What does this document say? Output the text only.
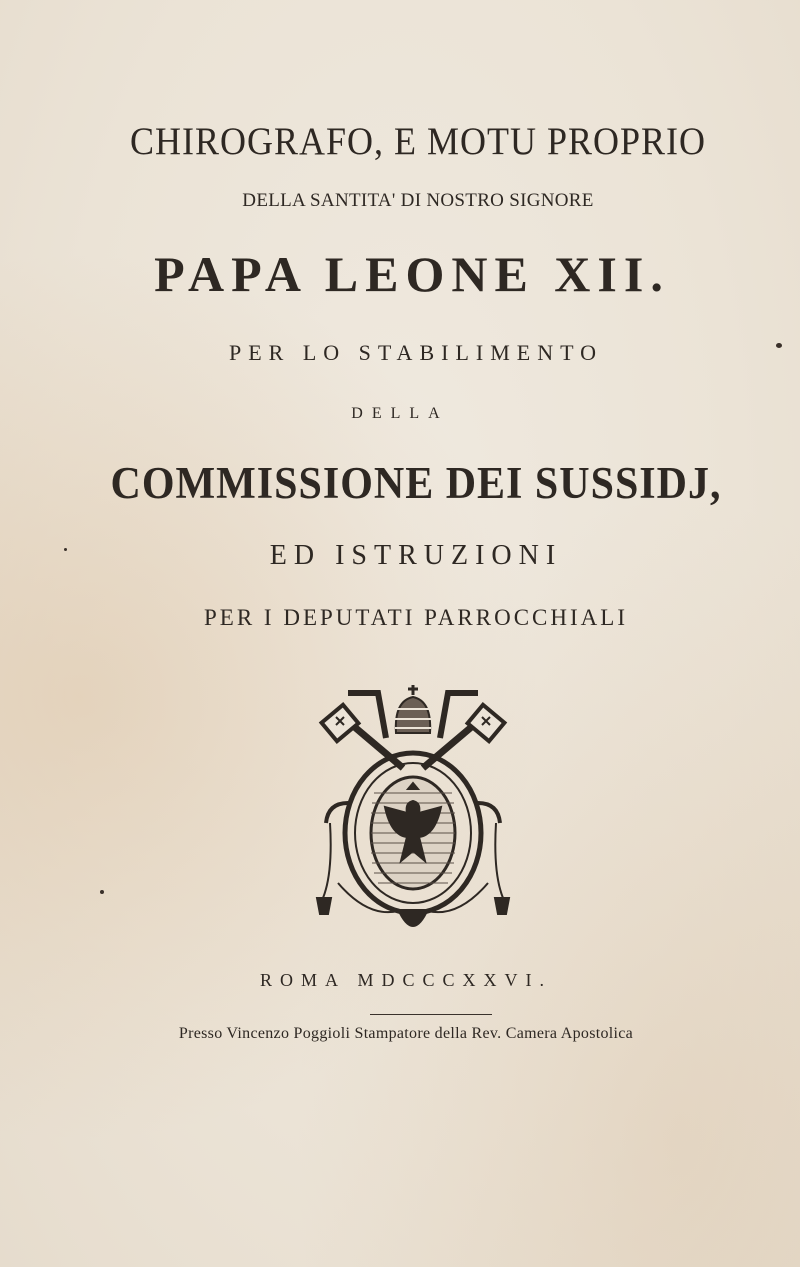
CHIROGRAFO, E MOTU PROPRIO
DELLA SANTITA' DI NOSTRO SIGNORE
PAPA LEONE XII.
PER LO STABILIMENTO
DELLA
COMMISSIONE DEI SUSSIDJ,
ED ISTRUZIONI
PER I DEPUTATI PARROCCHIALI
ROMA MDCCCXXVI.
Presso Vincenzo Poggioli Stampatore della Rev. Camera Apostolica
